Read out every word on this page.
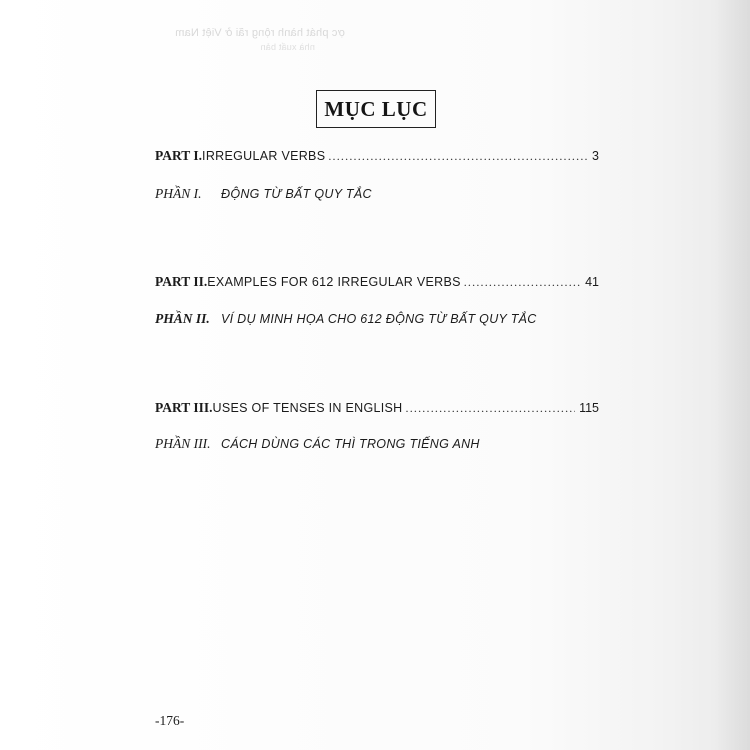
ợc phát hành rộng rãi ở Việt Nam
nhà xuất bản
MỤC LỤC
PART I. IRREGULAR VERBS .....	3
PHẦN I.	ĐỘNG TỪ BẤT QUY TẮC
PART II. EXAMPLES FOR 612 IRREGULAR VERBS .....	41
PHẦN II. VÍ DỤ MINH HỌA CHO 612 ĐỘNG TỪ BẤT QUY TẮC
PART III. USES OF TENSES IN ENGLISH .....	115
PHẦN III. CÁCH DÙNG CÁC THÌ TRONG TIẾNG ANH
-176-
